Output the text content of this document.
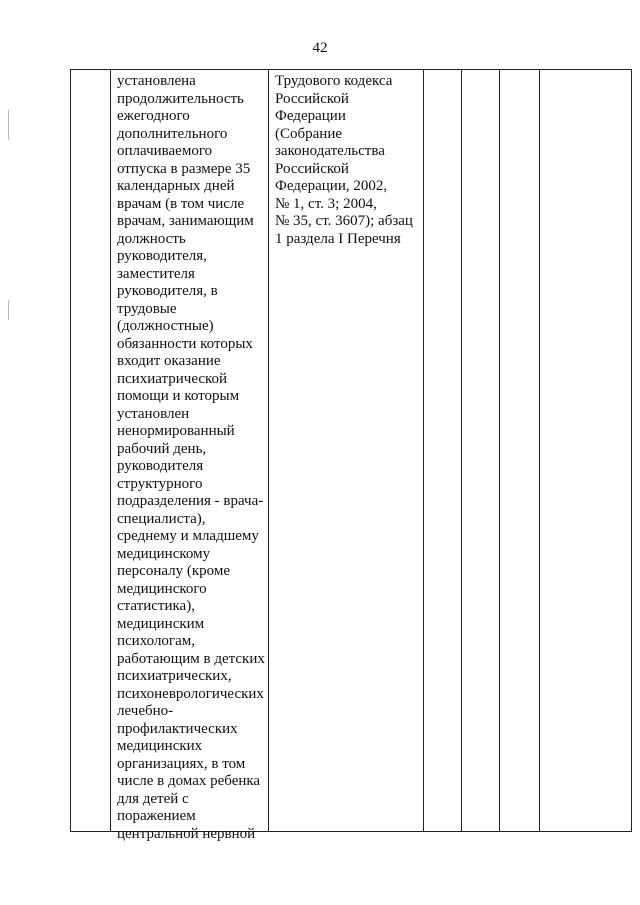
42
установлена
продолжительность
ежегодного
дополнительного
оплачиваемого
отпуска в размере 35
календарных дней
врачам (в том числе
врачам, занимающим
должность
руководителя,
заместителя
руководителя, в
трудовые
(должностные)
обязанности которых
входит оказание
психиатрической
помощи и которым
установлен
ненормированный
рабочий день,
руководителя
структурного
подразделения - врача-
специалиста),
среднему и младшему
медицинскому
персоналу (кроме
медицинского
статистика),
медицинским
психологам,
работающим в детских
психиатрических,
психоневрологических
лечебно-
профилактических
медицинских
организациях, в том
числе в домах ребенка
для детей с
поражением
центральной нервной
Трудового кодекса
Российской
Федерации
(Собрание
законодательства
Российской
Федерации, 2002,
№ 1, ст. 3; 2004,
№ 35, ст. 3607); абзац
1 раздела I Перечня
